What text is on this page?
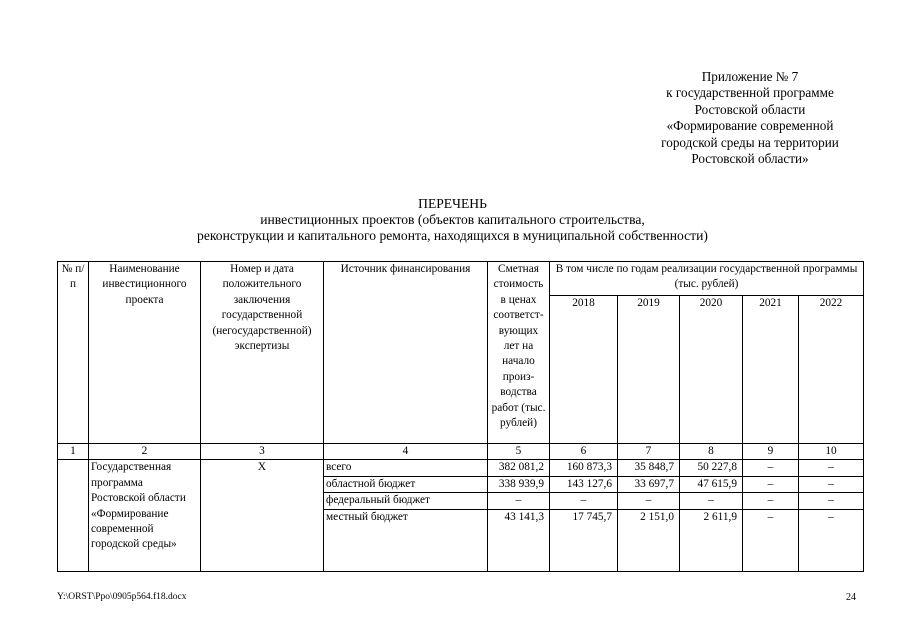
Приложение № 7
к государственной программе
Ростовской области
«Формирование современной
городской среды на территории
Ростовской области»
ПЕРЕЧЕНЬ
инвестиционных проектов (объектов капитального строительства,
реконструкции и капитального ремонта, находящихся в муниципальной собственности)
№ п/п	Наименование инвестиционного проекта	Номер и дата положительного заключения государственной (негосударственной) экспертизы	Источник финансирования	Сметная стоимость в ценах соответст-вующих лет на начало произ-водства работ (тыс. рублей)	В том числе по годам реализации государственной программы (тыс. рублей)				
					2018	2019	2020	2021	2022
1	2	3	4	5	6	7	8	9	10
	Государственная программа Ростовской области «Формирование современной городской среды»	Х	всего	382 081,2	160 873,3	35 848,7	50 227,8	–	–
			областной бюджет	338 939,9	143 127,6	33 697,7	47 615,9	–	–
			федеральный бюджет	–	–	–	–	–	–
			местный бюджет	43 141,3	17 745,7	2 151,0	2 611,9	–	–
Y:\ORST\Ppo\0905p564.f18.docx	24
